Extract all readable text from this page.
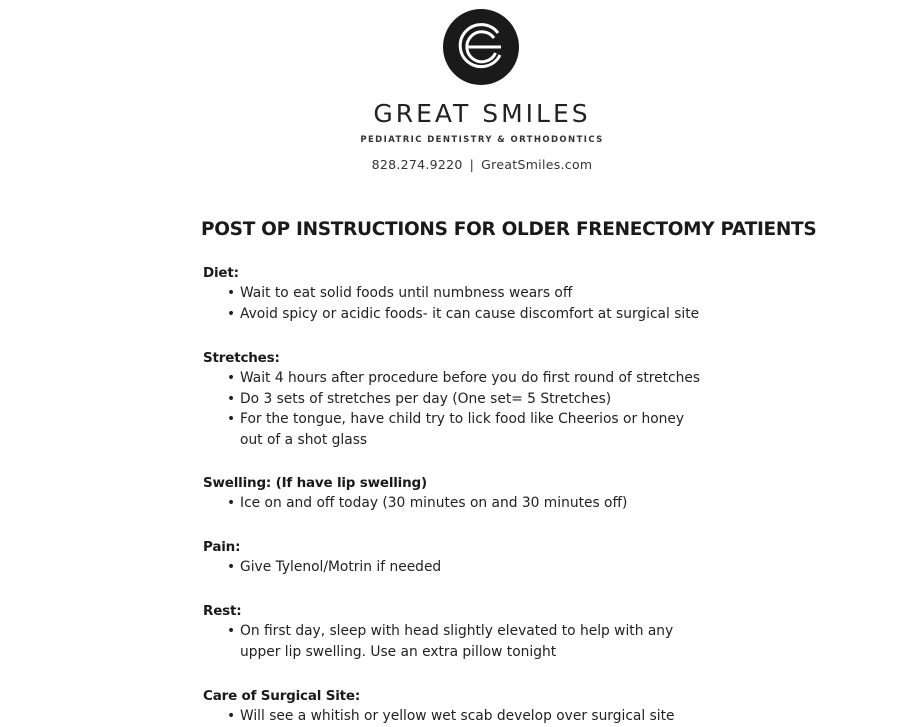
GREAT SMILES
PEDIATRIC DENTISTRY & ORTHODONTICS
828.274.9220 | GreatSmiles.com
POST OP INSTRUCTIONS FOR OLDER FRENECTOMY PATIENTS
Diet:
• Wait to eat solid foods until numbness wears off
• Avoid spicy or acidic foods- it can cause discomfort at surgical site
Stretches:
• Wait 4 hours after procedure before you do first round of stretches
• Do 3 sets of stretches per day (One set= 5 Stretches)
• For the tongue, have child try to lick food like Cheerios or honey out of a shot glass
Swelling: (If have lip swelling)
• Ice on and off today (30 minutes on and 30 minutes off)
Pain:
• Give Tylenol/Motrin if needed
Rest:
• On first day, sleep with head slightly elevated to help with any upper lip swelling. Use an extra pillow tonight
Care of Surgical Site:
• Will see a whitish or yellow wet scab develop over surgical site
